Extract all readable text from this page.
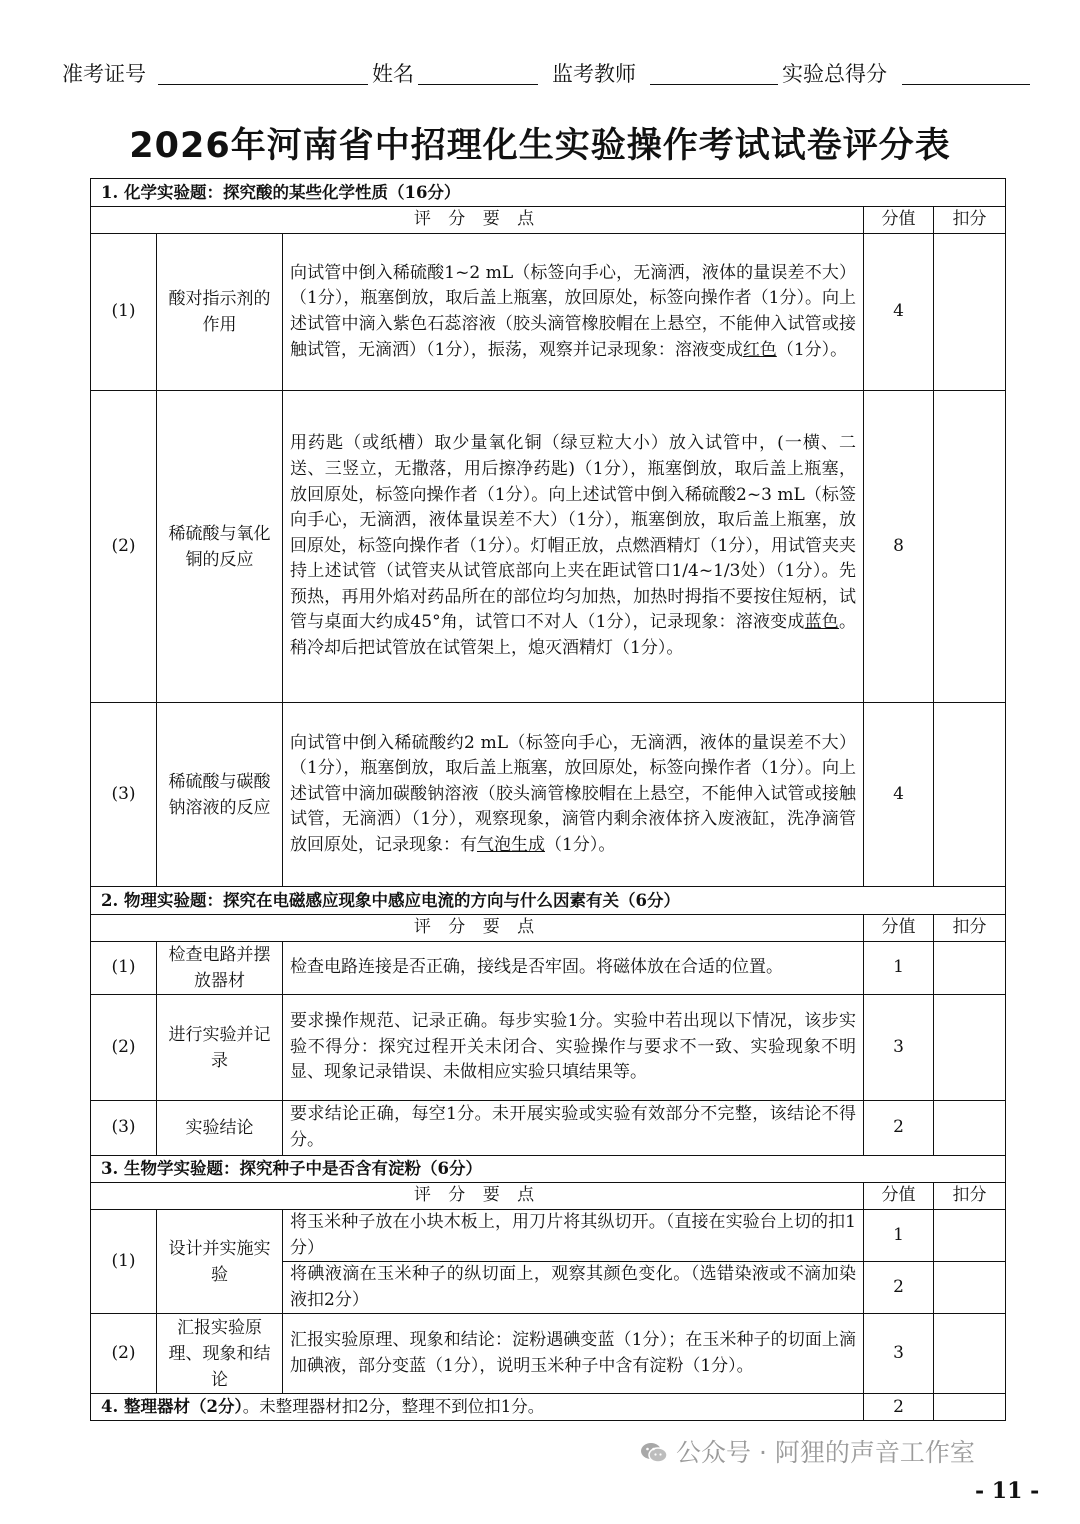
准考证号	姓名	监考教师	实验总得分
2026年河南省中招理化生实验操作考试试卷评分表
1. 化学实验题：探究酸的某些化学性质（16分）				
评 分 要 点			分值	扣分
(1)	酸对指示剂的作用	向试管中倒入稀硫酸1~2 mL（标签向手心，无滴洒，液体的量误差不大）（1分），瓶塞倒放，取后盖上瓶塞，放回原处，标签向操作者（1分）。向上述试管中滴入紫色石蕊溶液（胶头滴管橡胶帽在上悬空，不能伸入试管或接触试管，无滴洒）（1分），振荡，观察并记录现象：溶液变成红色（1分）。	4	
(2)	稀硫酸与氧化铜的反应	用药匙（或纸槽）取少量氧化铜（绿豆粒大小）放入试管中，(一横、二送、三竖立，无撒落，用后擦净药匙)（1分），瓶塞倒放，取后盖上瓶塞，放回原处，标签向操作者（1分）。向上述试管中倒入稀硫酸2~3 mL（标签向手心，无滴洒，液体量误差不大）（1分），瓶塞倒放，取后盖上瓶塞，放回原处，标签向操作者（1分）。灯帽正放，点燃酒精灯（1分），用试管夹夹持上述试管（试管夹从试管底部向上夹在距试管口1/4~1/3处）（1分）。先预热，再用外焰对药品所在的部位均匀加热，加热时拇指不要按住短柄，试管与桌面大约成45°角，试管口不对人（1分），记录现象：溶液变成蓝色。稍冷却后把试管放在试管架上，熄灭酒精灯（1分）。	8	
(3)	稀硫酸与碳酸钠溶液的反应	向试管中倒入稀硫酸约2 mL（标签向手心，无滴洒，液体的量误差不大）（1分），瓶塞倒放，取后盖上瓶塞，放回原处，标签向操作者（1分）。向上述试管中滴加碳酸钠溶液（胶头滴管橡胶帽在上悬空，不能伸入试管或接触试管，无滴洒）（1分），观察现象，滴管内剩余液体挤入废液缸，洗净滴管放回原处，记录现象：有气泡生成（1分）。	4	
2. 物理实验题：探究在电磁感应现象中感应电流的方向与什么因素有关（6分）				
评 分 要 点			分值	扣分
(1)	检查电路并摆放器材	检查电路连接是否正确，接线是否牢固。将磁体放在合适的位置。	1	
(2)	进行实验并记录	要求操作规范、记录正确。每步实验1分。实验中若出现以下情况，该步实验不得分：探究过程开关未闭合、实验操作与要求不一致、实验现象不明显、现象记录错误、未做相应实验只填结果等。	3	
(3)	实验结论	要求结论正确，每空1分。未开展实验或实验有效部分不完整，该结论不得分。	2	
3. 生物学实验题：探究种子中是否含有淀粉（6分）				
评 分 要 点			分值	扣分
(1)	设计并实施实验	将玉米种子放在小块木板上，用刀片将其纵切开。（直接在实验台上切的扣1分）	1	
		将碘液滴在玉米种子的纵切面上，观察其颜色变化。（选错染液或不滴加染液扣2分）	2	
(2)	汇报实验原理、现象和结论	汇报实验原理、现象和结论：淀粉遇碘变蓝（1分）；在玉米种子的切面上滴加碘液，部分变蓝（1分），说明玉米种子中含有淀粉（1分）。	3	
4. 整理器材（2分）。未整理器材扣2分，整理不到位扣1分。			2	
公众号 · 阿狸的声音工作室
- 11 -
